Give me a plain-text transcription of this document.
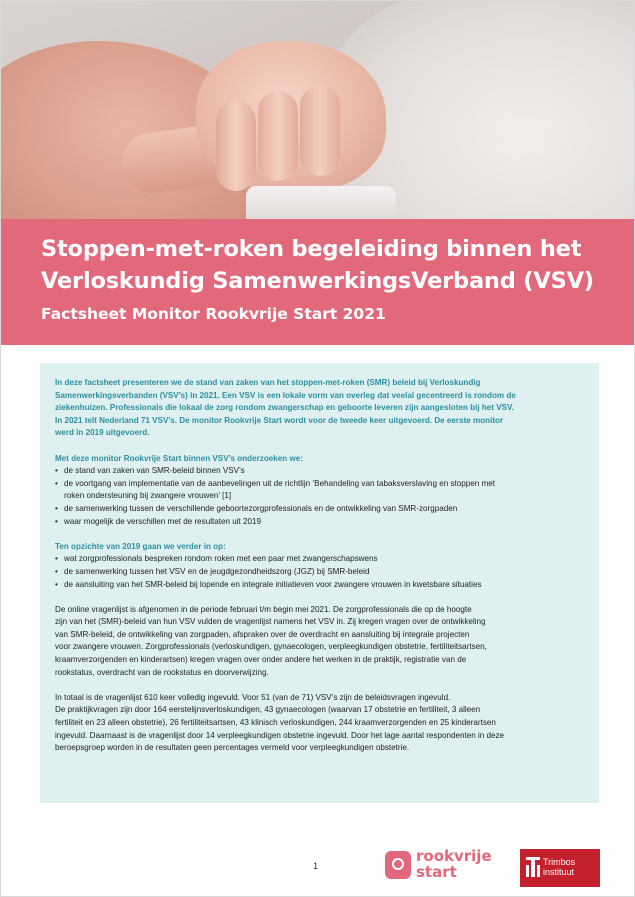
Stoppen-met-roken begeleiding binnen het
Verloskundig SamenwerkingsVerband (VSV)
Factsheet Monitor Rookvrije Start 2021
In deze factsheet presenteren we de stand van zaken van het stoppen-met-roken (SMR) beleid bij Verloskundig
Samenwerkingsverbanden (VSV’s) in 2021. Een VSV is een lokale vorm van overleg dat veelal gecentreerd is rondom de
ziekenhuizen. Professionals die lokaal de zorg rondom zwangerschap en geboorte leveren zijn aangesloten bij het VSV.
In 2021 telt Nederland 71 VSV’s. De monitor Rookvrije Start wordt voor de tweede keer uitgevoerd. De eerste monitor
werd in 2019 uitgevoerd.
Met deze monitor Rookvrije Start binnen VSV’s onderzoeken we:
• de stand van zaken van SMR-beleid binnen VSV’s
• de voortgang van implementatie van de aanbevelingen uit de richtlijn ‘Behandeling van tabaksverslaving en stoppen met
roken ondersteuning bij zwangere vrouwen’ [1]
• de samenwerking tussen de verschillende geboortezorgprofessionals en de ontwikkeling van SMR-zorgpaden
• waar mogelijk de verschillen met de resultaten uit 2019
Ten opzichte van 2019 gaan we verder in op:
• wat zorgprofessionals bespreken rondom roken met een paar met zwangerschapswens
• de samenwerking tussen het VSV en de jeugdgezondheidszorg (JGZ) bij SMR-beleid
• de aansluiting van het SMR-beleid bij lopende en integrale initiatieven voor zwangere vrouwen in kwetsbare situaties
De online vragenlijst is afgenomen in de periode februari t/m begin mei 2021. De zorgprofessionals die op de hoogte
zijn van het (SMR)-beleid van hun VSV vulden de vragenlijst namens het VSV in. Zij kregen vragen over de ontwikkeling
van SMR-beleid, de ontwikkeling van zorgpaden, afspraken over de overdracht en aansluiting bij integrale projecten
voor zwangere vrouwen. Zorgprofessionals (verloskundigen, gynaecologen, verpleegkundigen obstetrie, fertiliteitsartsen,
kraamverzorgenden en kinderartsen) kregen vragen over onder andere het werken in de praktijk, registratie van de
rookstatus, overdracht van de rookstatus en doorverwijzing.
In totaal is de vragenlijst 610 keer volledig ingevuld. Voor 51 (van de 71) VSV’s zijn de beleidsvragen ingevuld.
De praktijkvragen zijn door 164 eerstelijnsverloskundigen, 43 gynaecologen (waarvan 17 obstetrie en fertiliteit, 3 alleen
fertiliteit en 23 alleen obstetrie), 26 fertiliteitsartsen, 43 klinisch verloskundigen, 244 kraamverzorgenden en 25 kinderartsen
ingevuld. Daarnaast is de vragenlijst door 14 verpleegkundigen obstetrie ingevuld. Door het lage aantal respondenten in deze
beroepsgroep worden in de resultaten geen percentages vermeld voor verpleegkundigen obstetrie.
1
rookvrije
start
Trimbos
instituut
